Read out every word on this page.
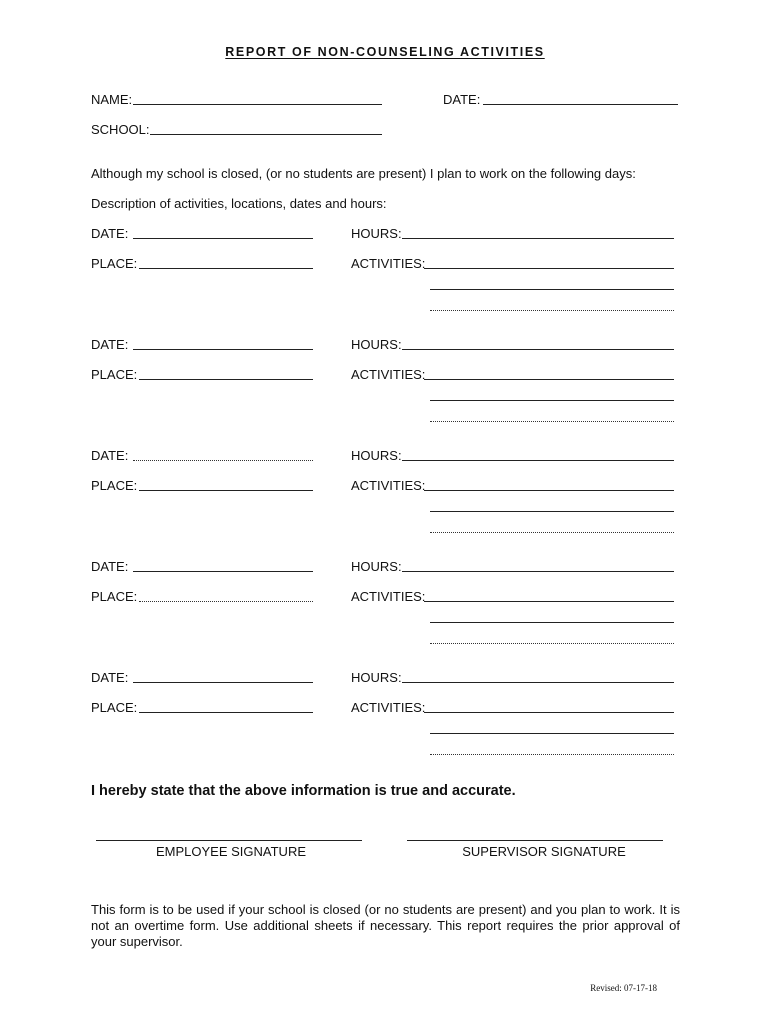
REPORT OF NON-COUNSELING ACTIVITIES
NAME:	DATE:
SCHOOL:
Although my school is closed, (or no students are present) I plan to work on the following days:
Description of activities, locations, dates and hours:
DATE:	HOURS:
PLACE:	ACTIVITIES:
DATE:	HOURS:
PLACE:	ACTIVITIES:
DATE:	HOURS:
PLACE:	ACTIVITIES:
DATE:	HOURS:
PLACE:	ACTIVITIES:
DATE:	HOURS:
PLACE:	ACTIVITIES:
I hereby state that the above information is true and accurate.
EMPLOYEE SIGNATURE	SUPERVISOR SIGNATURE
This form is to be used if your school is closed (or no students are present) and you plan to work. It is not an overtime form. Use additional sheets if necessary. This report requires the prior approval of your supervisor.
Revised: 07-17-18
